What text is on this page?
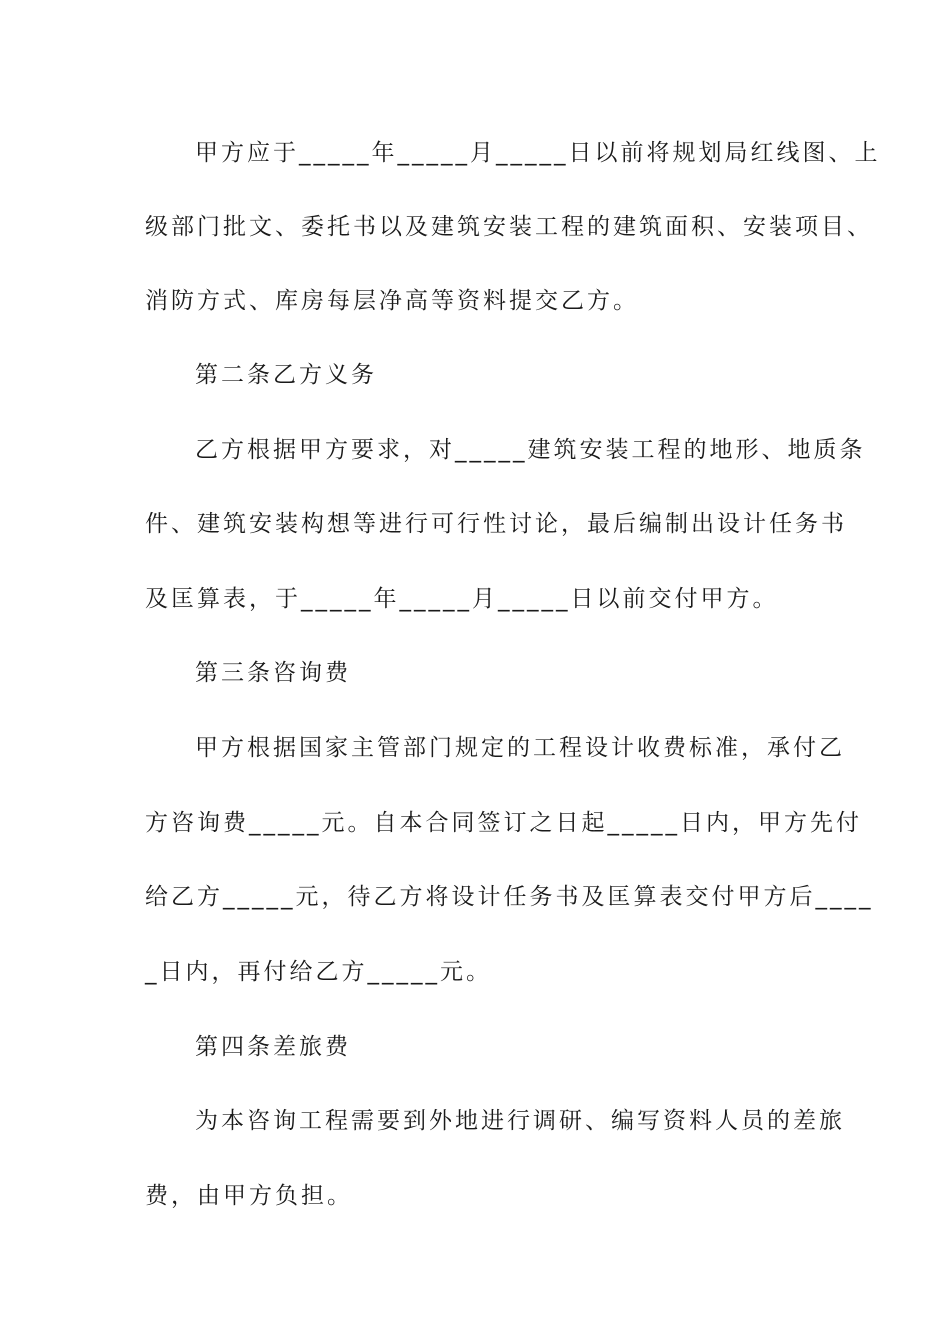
甲方应于_____年_____月_____日以前将规划局红线图、上
级部门批文、委托书以及建筑安装工程的建筑面积、安装项目、
消防方式、库房每层净高等资料提交乙方。
第二条乙方义务
乙方根据甲方要求，对_____建筑安装工程的地形、地质条
件、建筑安装构想等进行可行性讨论，最后编制出设计任务书
及匡算表，于_____年_____月_____日以前交付甲方。
第三条咨询费
甲方根据国家主管部门规定的工程设计收费标准，承付乙
方咨询费_____元。自本合同签订之日起_____日内，甲方先付
给乙方_____元，待乙方将设计任务书及匡算表交付甲方后____
_日内，再付给乙方_____元。
第四条差旅费
为本咨询工程需要到外地进行调研、编写资料人员的差旅
费，由甲方负担。
